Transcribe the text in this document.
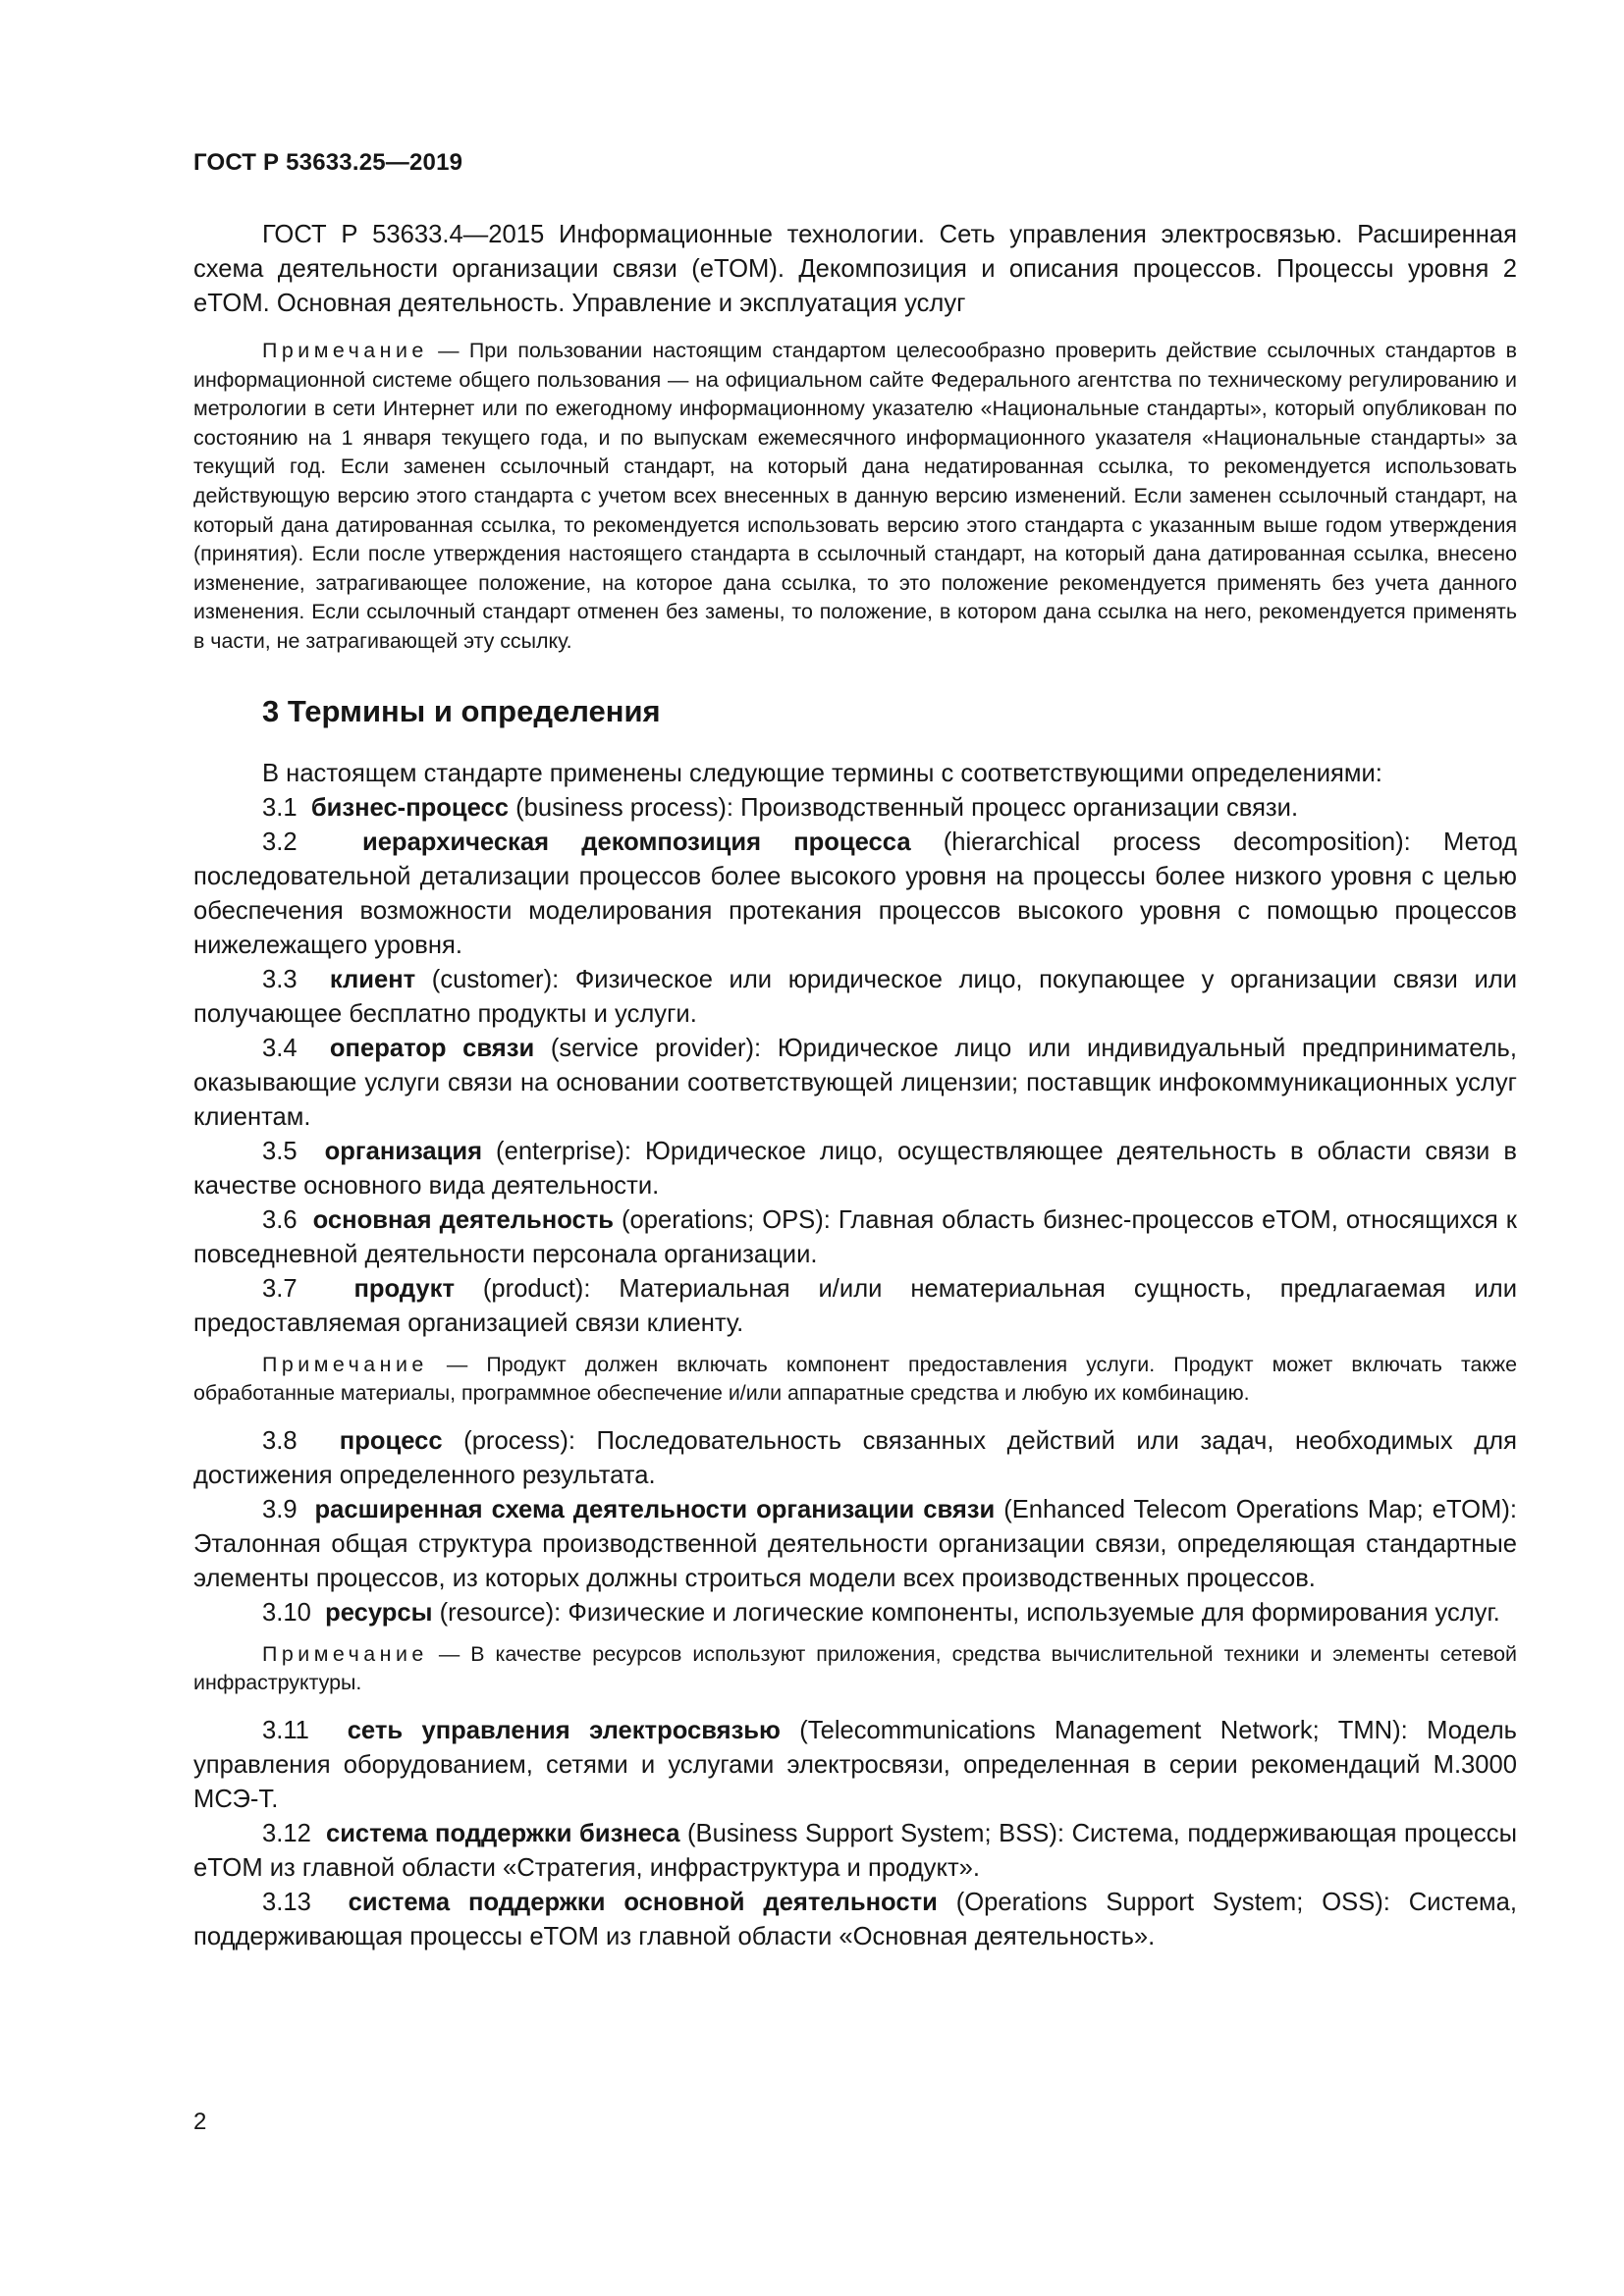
ГОСТ Р 53633.25—2019

ГОСТ Р 53633.4—2015 Информационные технологии. Сеть управления электросвязью. Расширенная схема деятельности организации связи (eTOM). Декомпозиция и описания процессов. Процессы уровня 2 eTOM. Основная деятельность. Управление и эксплуатация услуг

Примечание — При пользовании настоящим стандартом целесообразно проверить действие ссылочных стандартов в информационной системе общего пользования — на официальном сайте Федерального агентства по техническому регулированию и метрологии в сети Интернет или по ежегодному информационному указателю «Национальные стандарты», который опубликован по состоянию на 1 января текущего года, и по выпускам ежемесячного информационного указателя «Национальные стандарты» за текущий год. Если заменен ссылочный стандарт, на который дана недатированная ссылка, то рекомендуется использовать действующую версию этого стандарта с учетом всех внесенных в данную версию изменений. Если заменен ссылочный стандарт, на который дана датированная ссылка, то рекомендуется использовать версию этого стандарта с указанным выше годом утверждения (принятия). Если после утверждения настоящего стандарта в ссылочный стандарт, на который дана датированная ссылка, внесено изменение, затрагивающее положение, на которое дана ссылка, то это положение рекомендуется применять без учета данного изменения. Если ссылочный стандарт отменен без замены, то положение, в котором дана ссылка на него, рекомендуется применять в части, не затрагивающей эту ссылку.

3 Термины и определения

В настоящем стандарте применены следующие термины с соответствующими определениями:

3.1 бизнес-процесс (business process): Производственный процесс организации связи.

3.2	иерархическая декомпозиция процесса (hierarchical process decomposition): Метод последовательной детализации процессов более высокого уровня на процессы более низкого уровня с целью обеспечения возможности моделирования протекания процессов высокого уровня с помощью процессов нижележащего уровня.

3.3 клиент (customer): Физическое или юридическое лицо, покупающее у организации связи или получающее бесплатно продукты и услуги.

3.4 оператор связи (service provider): Юридическое лицо или индивидуальный предприниматель, оказывающие услуги связи на основании соответствующей лицензии; поставщик инфокоммуникационных услуг клиентам.

3.5 организация (enterprise): Юридическое лицо, осуществляющее деятельность в области связи в качестве основного вида деятельности.

3.6 основная деятельность (operations; OPS): Главная область бизнес-процессов eTOM, относящихся к повседневной деятельности персонала организации.

3.7 продукт (product): Материальная и/или нематериальная сущность, предлагаемая или предоставляемая организацией связи клиенту.

Примечание — Продукт должен включать компонент предоставления услуги. Продукт может включать также обработанные материалы, программное обеспечение и/или аппаратные средства и любую их комбинацию.

3.8 процесс (process): Последовательность связанных действий или задач, необходимых для достижения определенного результата.

3.9 расширенная схема деятельности организации связи (Enhanced Telecom Operations Map; eTOM): Эталонная общая структура производственной деятельности организации связи, определяющая стандартные элементы процессов, из которых должны строиться модели всех производственных процессов.

3.10 ресурсы (resource): Физические и логические компоненты, используемые для формирования услуг.

Примечание — В качестве ресурсов используют приложения, средства вычислительной техники и элементы сетевой инфраструктуры.

3.11 сеть управления электросвязью (Telecommunications Management Network; TMN): Модель управления оборудованием, сетями и услугами электросвязи, определенная в серии рекомендаций М.3000 МСЭ-Т.

3.12 система поддержки бизнеса (Business Support System; BSS): Система, поддерживающая процессы eTOM из главной области «Стратегия, инфраструктура и продукт».

3.13 система поддержки основной деятельности (Operations Support System; OSS): Система, поддерживающая процессы eTOM из главной области «Основная деятельность».

2
